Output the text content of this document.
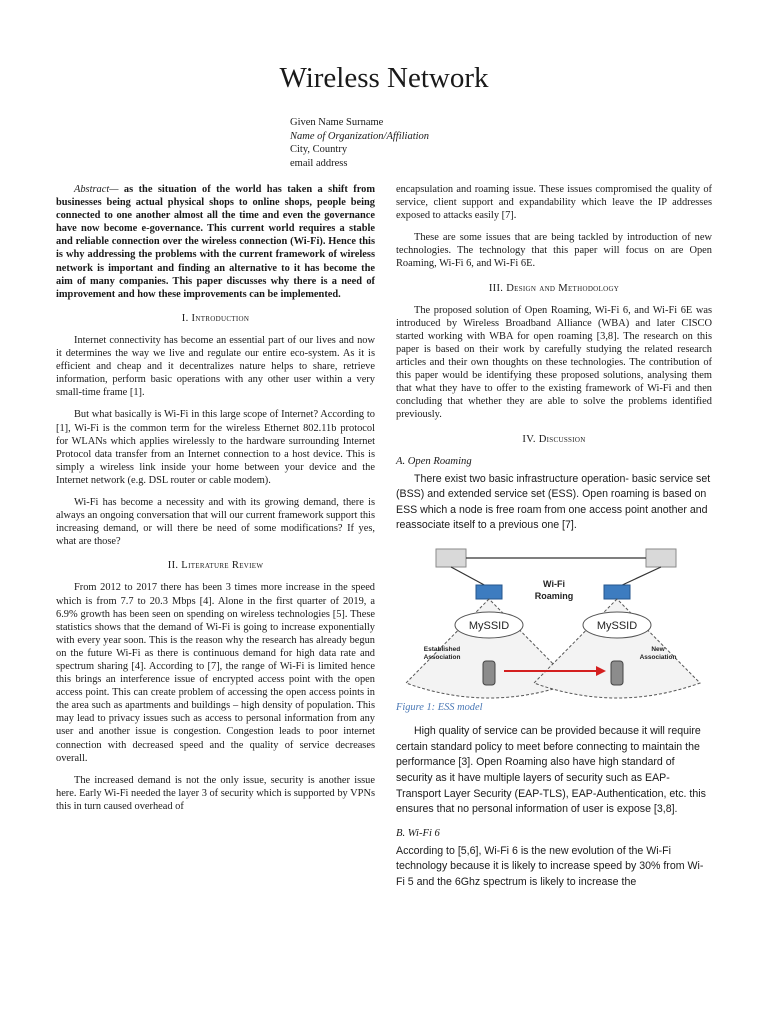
Wireless Network
Given Name Surname
Name of Organization/Affiliation
City, Country
email address

Abstract— as the situation of the world has taken a shift from businesses being actual physical shops to online shops, people being connected to one another almost all the time and even the governance have now become e-governance. This current world requires a stable and reliable connection over the wireless connection (Wi-Fi). Hence this is why addressing the problems with the current framework of wireless network is important and finding an alternative to it has become the aim of many companies. This paper discusses why there is a need of improvement and how these improvements can be implemented.

I. Introduction

Internet connectivity has become an essential part of our lives and now it determines the way we live and regulate our entire eco-system. As it is efficient and cheap and it decentralizes nature helps to share, retrieve information, perform basic operations with any other user within a very small-time frame [1].

But what basically is Wi-Fi in this large scope of Internet? According to [1], Wi-Fi is the common term for the wireless Ethernet 802.11b protocol for WLANs which applies wirelessly to the hardware surrounding Internet Protocol data transfer from an Internet connection to a host device. This is simply a wireless link inside your home between your device and the Internet network (e.g. DSL router or cable modem).

Wi-Fi has become a necessity and with its growing demand, there is always an ongoing conversation that will our current framework support this increasing demand, or will there be need of some modifications? If yes, what are those?

II. Literature Review

From 2012 to 2017 there has been 3 times more increase in the speed which is from 7.7 to 20.3 Mbps [4]. Alone in the first quarter of 2019, a 6.9% growth has been seen on spending on wireless technologies [5]. These statistics shows that the demand of Wi-Fi is going to increase exponentially with every year soon. This is the reason why the research has already begun on the future Wi-Fi as there is continuous demand for high data rate and spectrum sharing [4]. According to [7], the range of Wi-Fi is limited hence this brings an interference issue of encrypted access point with the open access point. This can create problem of accessing the open access points in the area such as apartments and buildings – high density of population. This may lead to privacy issues such as access to personal information from any user and another issue is congestion. Congestion leads to poor internet connection with decreased speed and the quality of service decreases overall.

The increased demand is not the only issue, security is another issue here. Early Wi-Fi needed the layer 3 of security which is supported by VPNs this in turn caused overhead of

encapsulation and roaming issue. These issues compromised the quality of service, client support and expandability which leave the IP addresses exposed to attacks easily [7].

These are some issues that are being tackled by introduction of new technologies. The technology that this paper will focus on are Open Roaming, Wi-Fi 6, and Wi-Fi 6E.

III. Design and Methodology

The proposed solution of Open Roaming, Wi-Fi 6, and Wi-Fi 6E was introduced by Wireless Broadband Alliance (WBA) and later CISCO started working with WBA for open roaming [3,8]. The research on this paper is based on their work by carefully studying the related research articles and their own thoughts on these technologies. The contribution of this paper would be identifying these proposed solutions, analysing them that what they have to offer to the existing framework of Wi-Fi and then concluding that whether they are able to solve the problems identified previously.

IV. Discussion
A. Open Roaming

There exist two basic infrastructure operation- basic service set (BSS) and extended service set (ESS). Open roaming is based on ESS which a node is free roam from one access point another and reassociate itself to a previous one [7].

MySSID	MySSID
Wi-Fi
Roaming
Established
Association
New
Association
Figure 1: ESS model

High quality of service can be provided because it will require certain standard policy to meet before connecting to maintain the performance [3]. Open Roaming also have high standard of security as it have multiple layers of security such as EAP-Transport Layer Security (EAP-TLS), EAP-Authentication, etc. this ensures that no personal information of user is expose [3,8].

B. Wi-Fi 6

According to [5,6], Wi-Fi 6 is the new evolution of the Wi-Fi technology because it is likely to increase speed by 30% from Wi-Fi 5 and the 6Ghz spectrum is likely to increase the
